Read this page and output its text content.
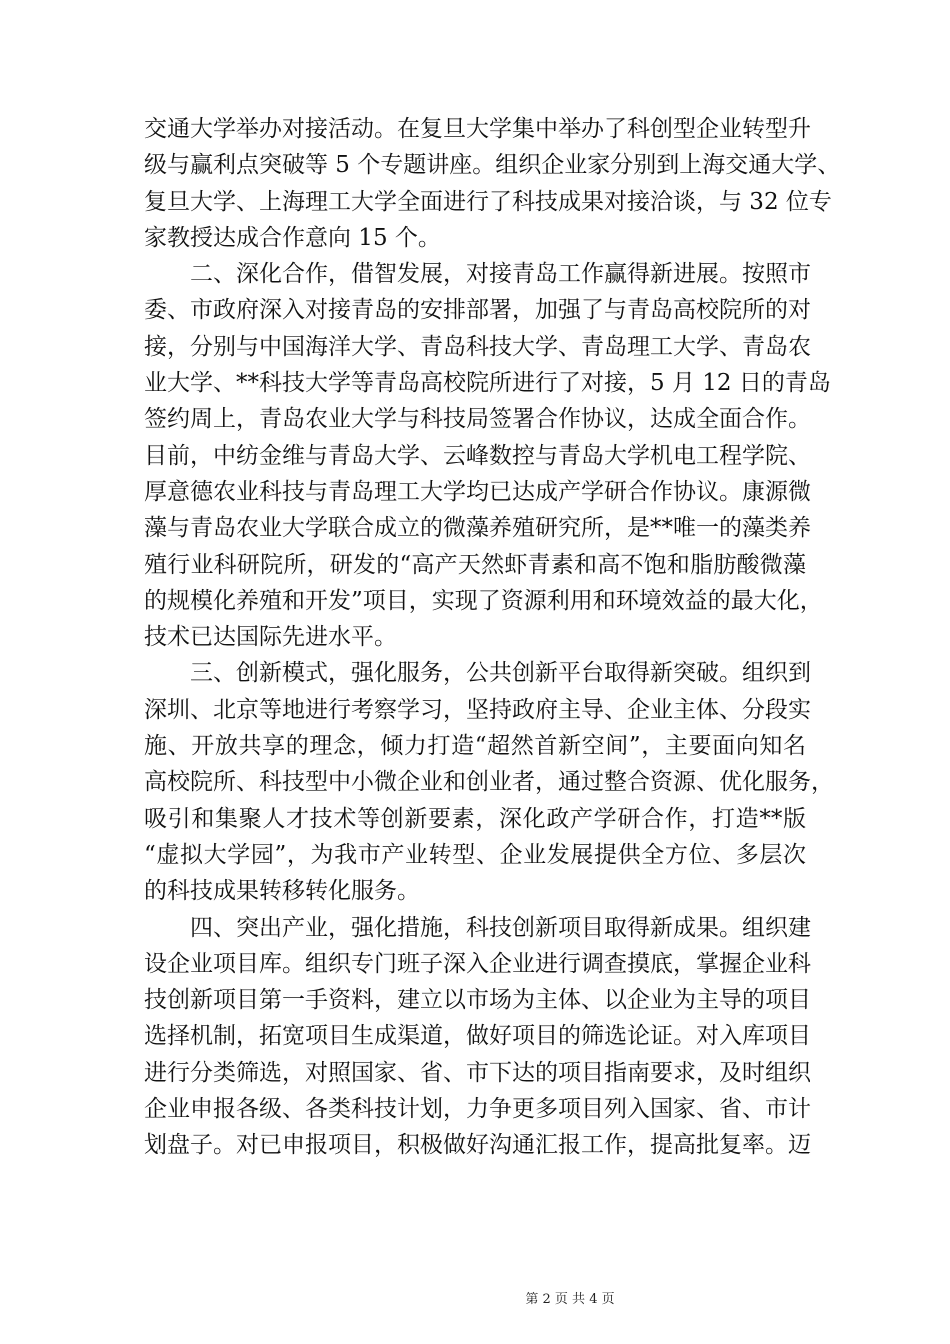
交通大学举办对接活动。在复旦大学集中举办了科创型企业转型升
级与赢利点突破等 5 个专题讲座。组织企业家分别到上海交通大学、
复旦大学、上海理工大学全面进行了科技成果对接洽谈，与 32 位专
家教授达成合作意向 15 个。
二、深化合作，借智发展，对接青岛工作赢得新进展。按照市
委、市政府深入对接青岛的安排部署，加强了与青岛高校院所的对
接，分别与中国海洋大学、青岛科技大学、青岛理工大学、青岛农
业大学、**科技大学等青岛高校院所进行了对接，5 月 12 日的青岛
签约周上，青岛农业大学与科技局签署合作协议，达成全面合作。
目前，中纺金维与青岛大学、云峰数控与青岛大学机电工程学院、
厚意德农业科技与青岛理工大学均已达成产学研合作协议。康源微
藻与青岛农业大学联合成立的微藻养殖研究所，是**唯一的藻类养
殖行业科研院所，研发的“高产天然虾青素和高不饱和脂肪酸微藻
的规模化养殖和开发”项目，实现了资源利用和环境效益的最大化，
技术已达国际先进水平。
三、创新模式，强化服务，公共创新平台取得新突破。组织到
深圳、北京等地进行考察学习，坚持政府主导、企业主体、分段实
施、开放共享的理念，倾力打造“超然首新空间”，主要面向知名
高校院所、科技型中小微企业和创业者，通过整合资源、优化服务，
吸引和集聚人才技术等创新要素，深化政产学研合作，打造**版
“虚拟大学园”，为我市产业转型、企业发展提供全方位、多层次
的科技成果转移转化服务。
四、突出产业，强化措施，科技创新项目取得新成果。组织建
设企业项目库。组织专门班子深入企业进行调查摸底，掌握企业科
技创新项目第一手资料，建立以市场为主体、以企业为主导的项目
选择机制，拓宽项目生成渠道，做好项目的筛选论证。对入库项目
进行分类筛选，对照国家、省、市下达的项目指南要求，及时组织
企业申报各级、各类科技计划，力争更多项目列入国家、省、市计
划盘子。对已申报项目，积极做好沟通汇报工作，提高批复率。迈
第 2 页 共 4 页
